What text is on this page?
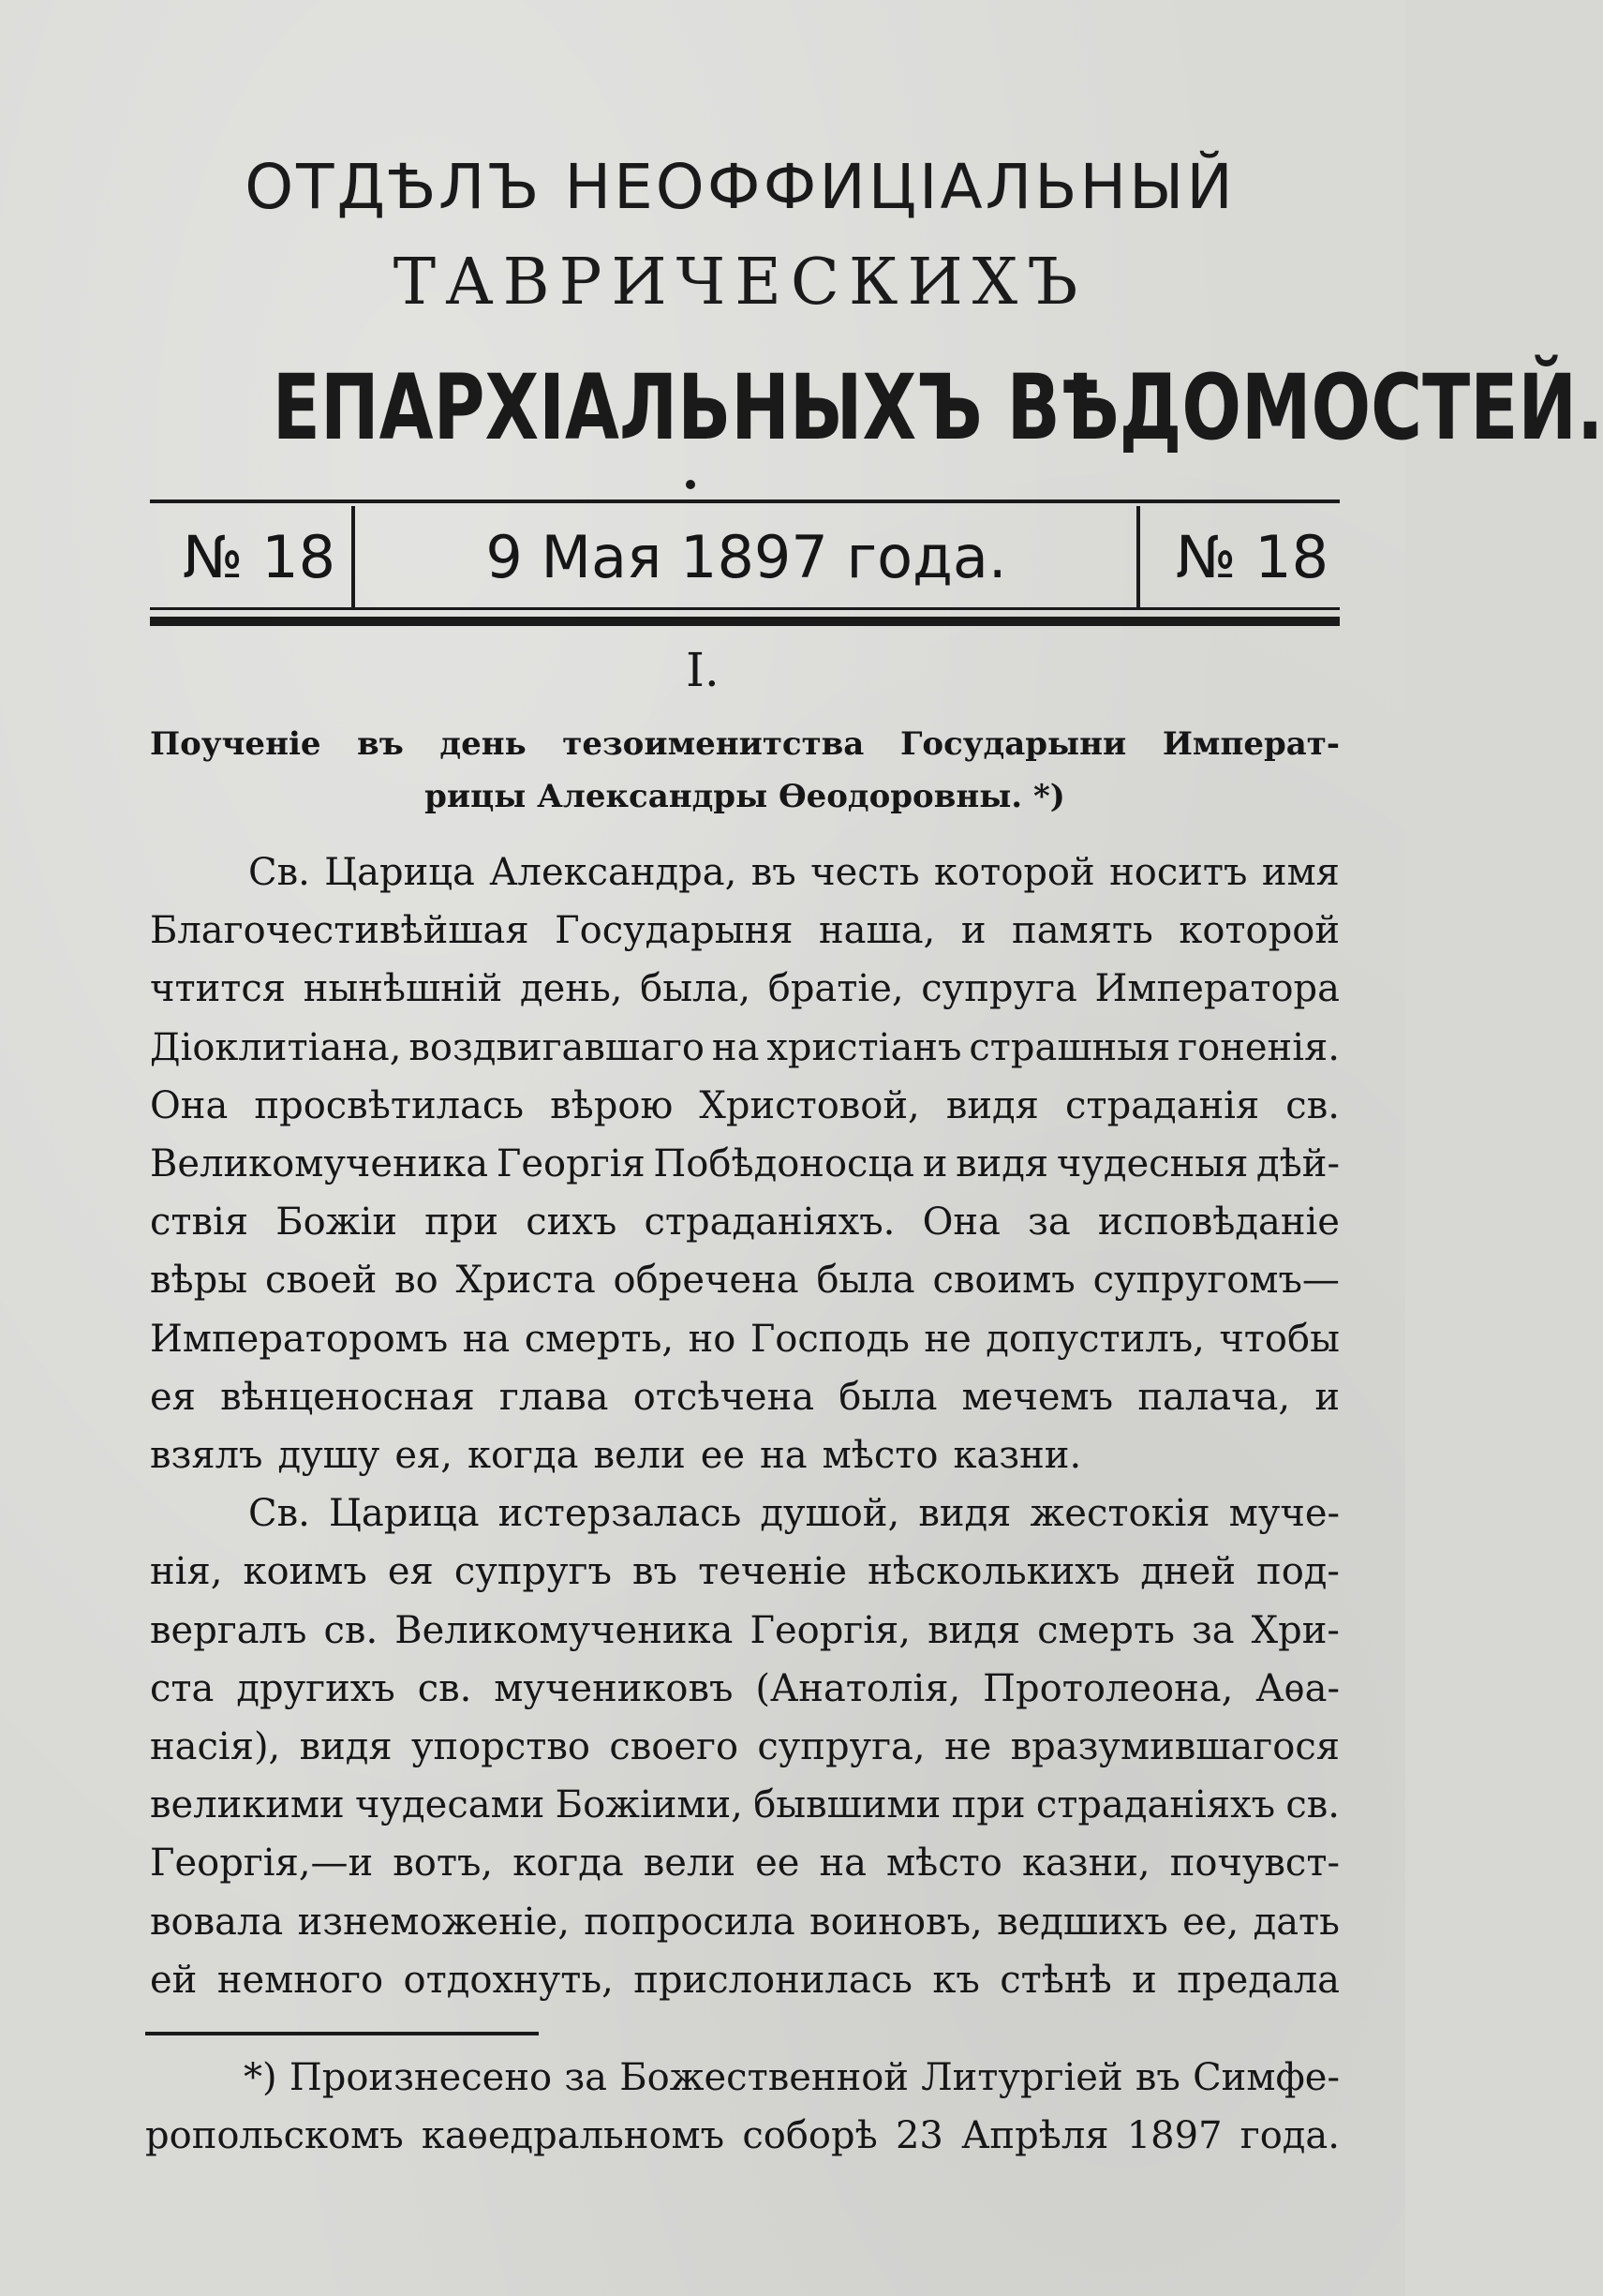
ОТДѢЛЪ НЕОФФИЦІАЛЬНЫЙ
ТАВРИЧЕСКИХЪ
ЕПАРХІАЛЬНЫХЪ ВѢДОМОСТЕЙ.
№ 18	9 Мая 1897 года.	№ 18
I.
Поученіе въ день тезоименитства Государыни Императ-
рицы Александры Өеодоровны. *)
Св. Царица Александра, въ честь которой носитъ имя
Благочестивѣйшая Государыня наша, и память которой
чтится нынѣшній день, была, братіе, супруга Императора
Діоклитіана, воздвигавшаго на христіанъ страшныя гоненія.
Она просвѣтилась вѣрою Христовой, видя страданія св.
Великомученика Георгія Побѣдоносца и видя чудесныя дѣй-
ствія Божіи при сихъ страданіяхъ. Она за исповѣданіе
вѣры своей во Христа обречена была своимъ супругомъ—
Императоромъ на смерть, но Господь не допустилъ, чтобы
ея вѣнценосная глава отсѣчена была мечемъ палача, и
взялъ душу ея, когда вели ее на мѣсто казни.
Св. Царица истерзалась душой, видя жестокія муче-
нія, коимъ ея супругъ въ теченіе нѣсколькихъ дней под-
вергалъ св. Великомученика Георгія, видя смерть за Хри-
ста другихъ св. мучениковъ (Анатолія, Протолеона, Аѳа-
насія), видя упорство своего супруга, не вразумившагося
великими чудесами Божіими, бывшими при страданіяхъ св.
Георгія,—и вотъ, когда вели ее на мѣсто казни, почувст-
вовала изнеможеніе, попросила воиновъ, ведшихъ ее, дать
ей немного отдохнуть, прислонилась къ стѣнѣ и предала
*) Произнесено за Божественной Литургіей въ Симфе-
ропольскомъ каѳедральномъ соборѣ 23 Апрѣля 1897 года.
